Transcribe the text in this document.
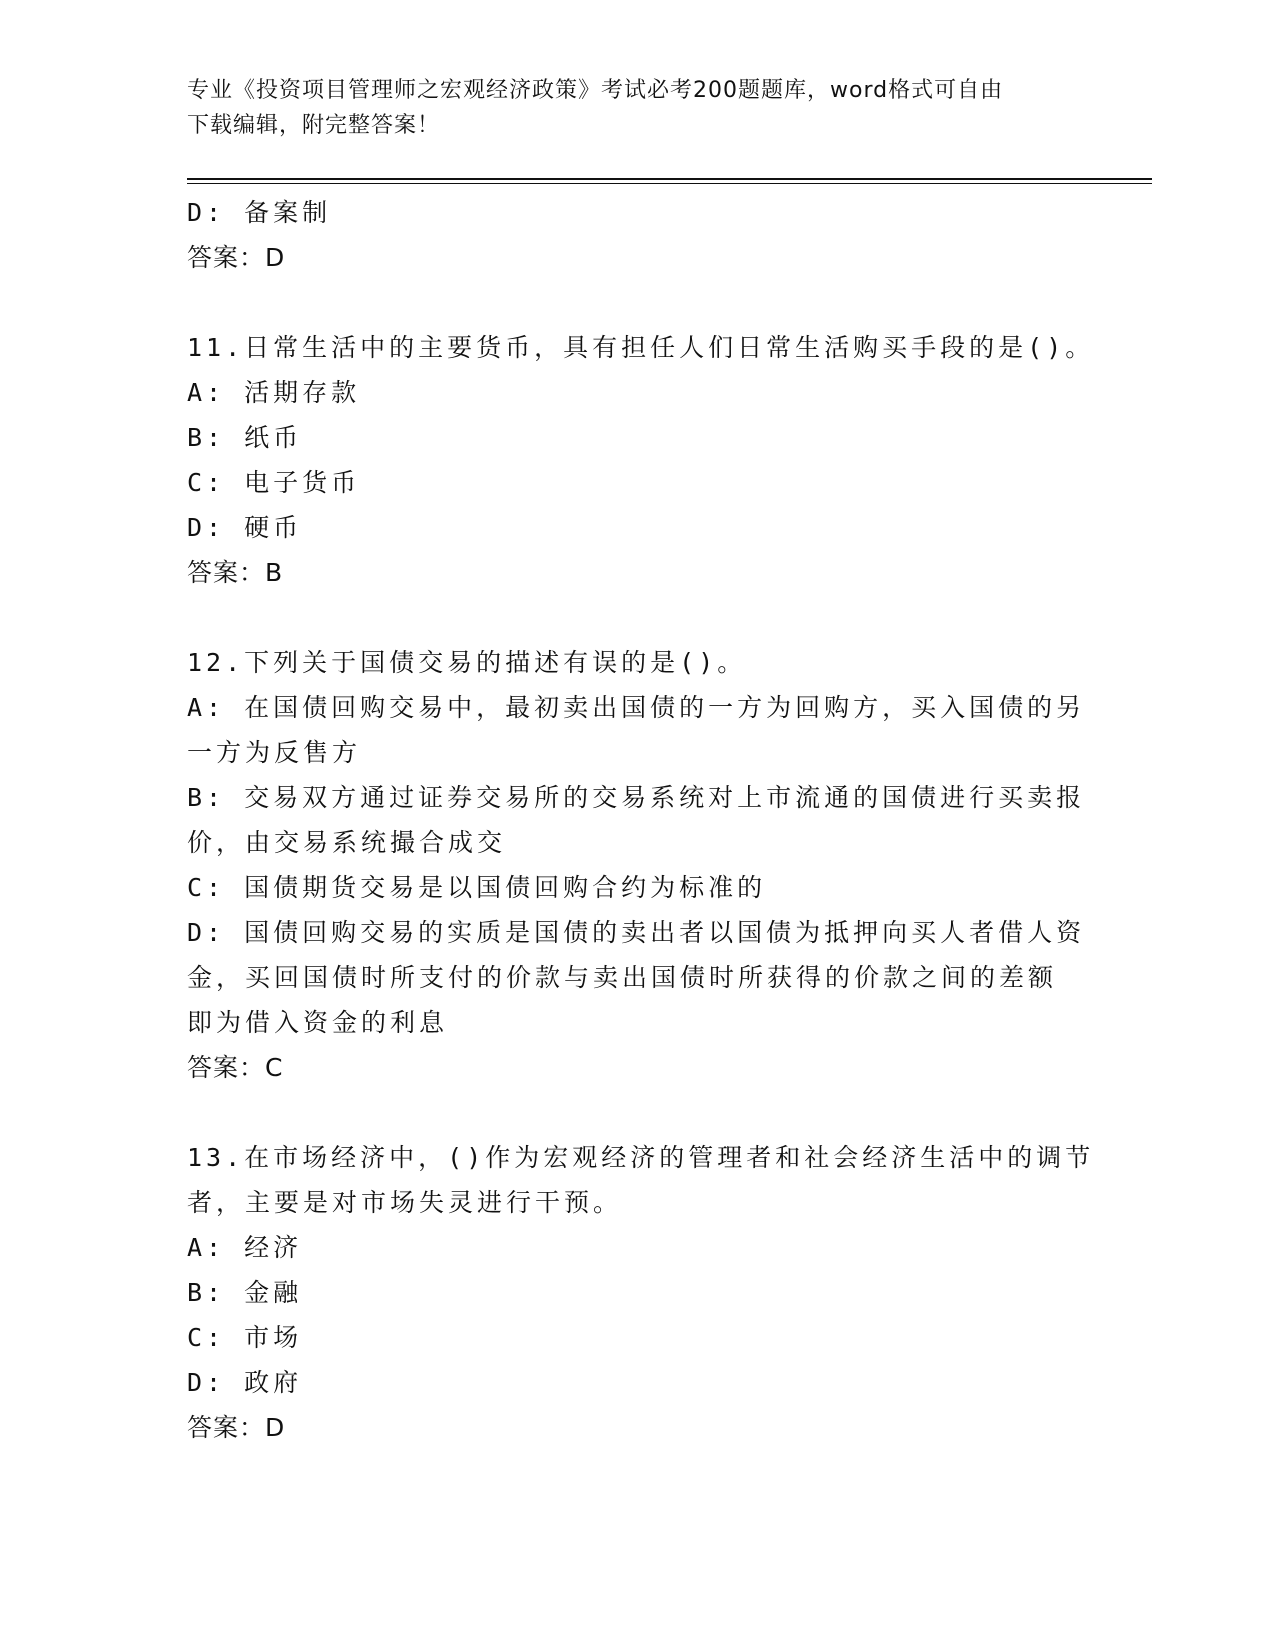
专业《投资项目管理师之宏观经济政策》考试必考200题题库，word格式可自由
下载编辑，附完整答案！
D: 备案制
答案：D
11.日常生活中的主要货币，具有担任人们日常生活购买手段的是()。
A: 活期存款
B: 纸币
C: 电子货币
D: 硬币
答案：B
12.下列关于国债交易的描述有误的是()。
A: 在国债回购交易中，最初卖出国债的一方为回购方，买入国债的另
一方为反售方
B: 交易双方通过证券交易所的交易系统对上市流通的国债进行买卖报
价，由交易系统撮合成交
C: 国债期货交易是以国债回购合约为标准的
D: 国债回购交易的实质是国债的卖出者以国债为抵押向买人者借人资
金，买回国债时所支付的价款与卖出国债时所获得的价款之间的差额
即为借入资金的利息
答案：C
13.在市场经济中，()作为宏观经济的管理者和社会经济生活中的调节
者，主要是对市场失灵进行干预。
A: 经济
B: 金融
C: 市场
D: 政府
答案：D
